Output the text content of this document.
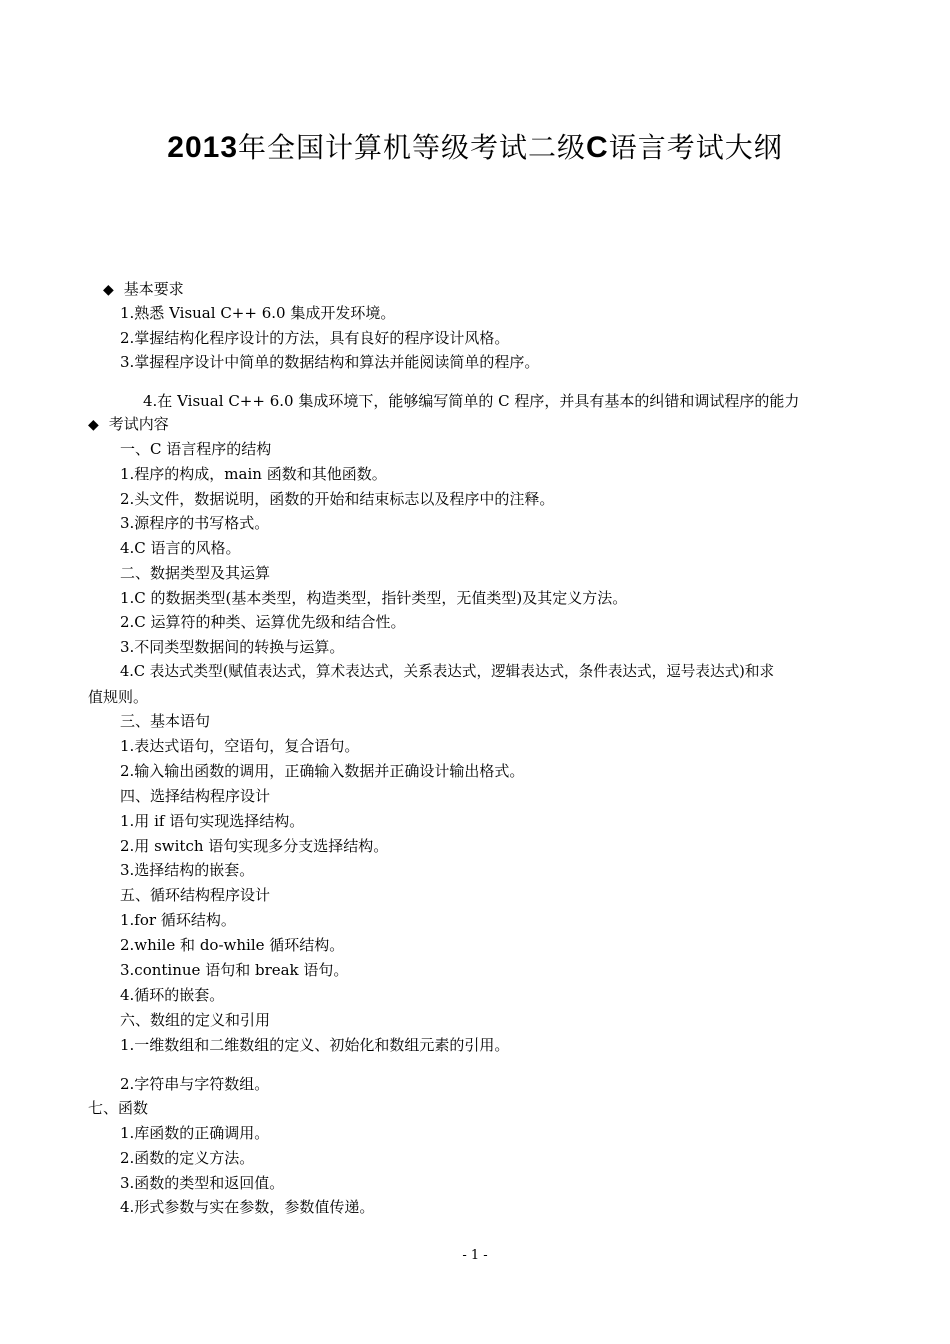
2013年全国计算机等级考试二级C语言考试大纲
◆ 基本要求
1.熟悉 Visual C++ 6.0 集成开发环境。
2.掌握结构化程序设计的方法，具有良好的程序设计风格。
3.掌握程序设计中简单的数据结构和算法并能阅读简单的程序。
4.在 Visual C++ 6.0 集成环境下，能够编写简单的 C 程序，并具有基本的纠错和调试程序的能力
◆ 考试内容
一、C 语言程序的结构
1.程序的构成，main 函数和其他函数。
2.头文件，数据说明，函数的开始和结束标志以及程序中的注释。
3.源程序的书写格式。
4.C 语言的风格。
二、数据类型及其运算
1.C 的数据类型(基本类型，构造类型，指针类型，无值类型)及其定义方法。
2.C 运算符的种类、运算优先级和结合性。
3.不同类型数据间的转换与运算。
4.C 表达式类型(赋值表达式，算术表达式，关系表达式，逻辑表达式，条件表达式，逗号表达式)和求
值规则。
三、基本语句
1.表达式语句，空语句，复合语句。
2.输入输出函数的调用，正确输入数据并正确设计输出格式。
四、选择结构程序设计
1.用 if 语句实现选择结构。
2.用 switch 语句实现多分支选择结构。
3.选择结构的嵌套。
五、循环结构程序设计
1.for 循环结构。
2.while 和 do-while 循环结构。
3.continue 语句和 break 语句。
4.循环的嵌套。
六、数组的定义和引用
1.一维数组和二维数组的定义、初始化和数组元素的引用。
2.字符串与字符数组。
七、函数
1.库函数的正确调用。
2.函数的定义方法。
3.函数的类型和返回值。
4.形式参数与实在参数，参数值传递。
- 1 -
